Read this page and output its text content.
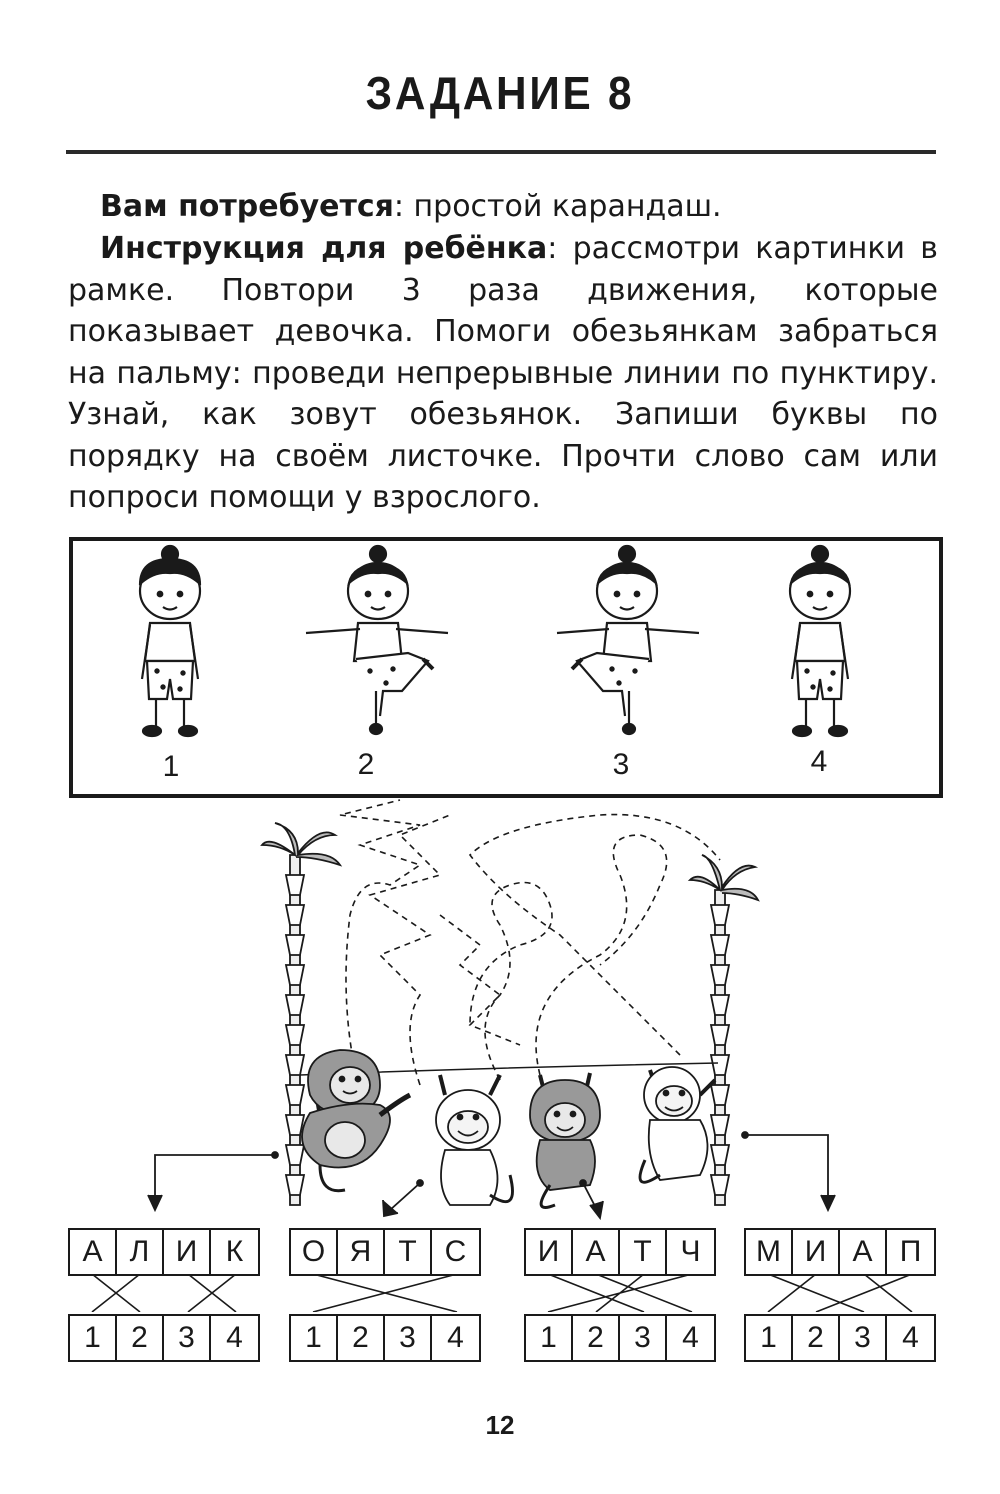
ЗАДАНИЕ 8

Вам потребуется: простой карандаш.

Инструкция для ребёнка: рассмотри картинки в рамке. Повтори 3 раза движения, которые показывает девочка. Помоги обезьянкам забраться на пальму: проведи непрерывные линии по пунктиру. Узнай, как зовут обезьянок. Запиши буквы по порядку на своём листочке. Прочти слово сам или попроси помощи у взрослого.

1	2	3	4
А Л И К
1	2	3	4
О Я Т С
1	2	3	4
И А Т Ч
1	2	3	4
М И А П
1	2	3	4
12
